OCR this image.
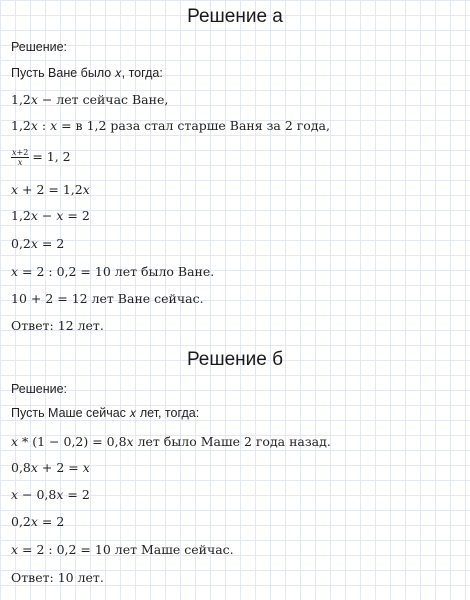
Решение а
Решение:
Пусть Ване было 𝑥, тогда:
1,2𝑥 − лет сейчас Ване,
1,2𝑥 : 𝑥 = в 1,2 раза стал старше Ваня за 2 года,
$\frac{\text{𝑥+2}}{\text{𝑥}} = 1$, 2
𝑥 + 2 = 1,2𝑥
1,2𝑥 − 𝑥 = 2
0,2𝑥 = 2
𝑥 = 2 : 0,2 = 10 лет было Ване.
10 + 2 = 12 лет Ване сейчас.
Ответ: 12 лет.
Решение б
Решение:
Пусть Маше сейчас 𝑥 лет, тогда:
𝑥 * (1 − 0,2) = 0,8𝑥 лет было Маше 2 года назад.
0,8𝑥 + 2 = 𝑥
𝑥 − 0,8𝑥 = 2
0,2𝑥 = 2
𝑥 = 2 : 0,2 = 10 лет Маше сейчас.
Ответ: 10 лет.
